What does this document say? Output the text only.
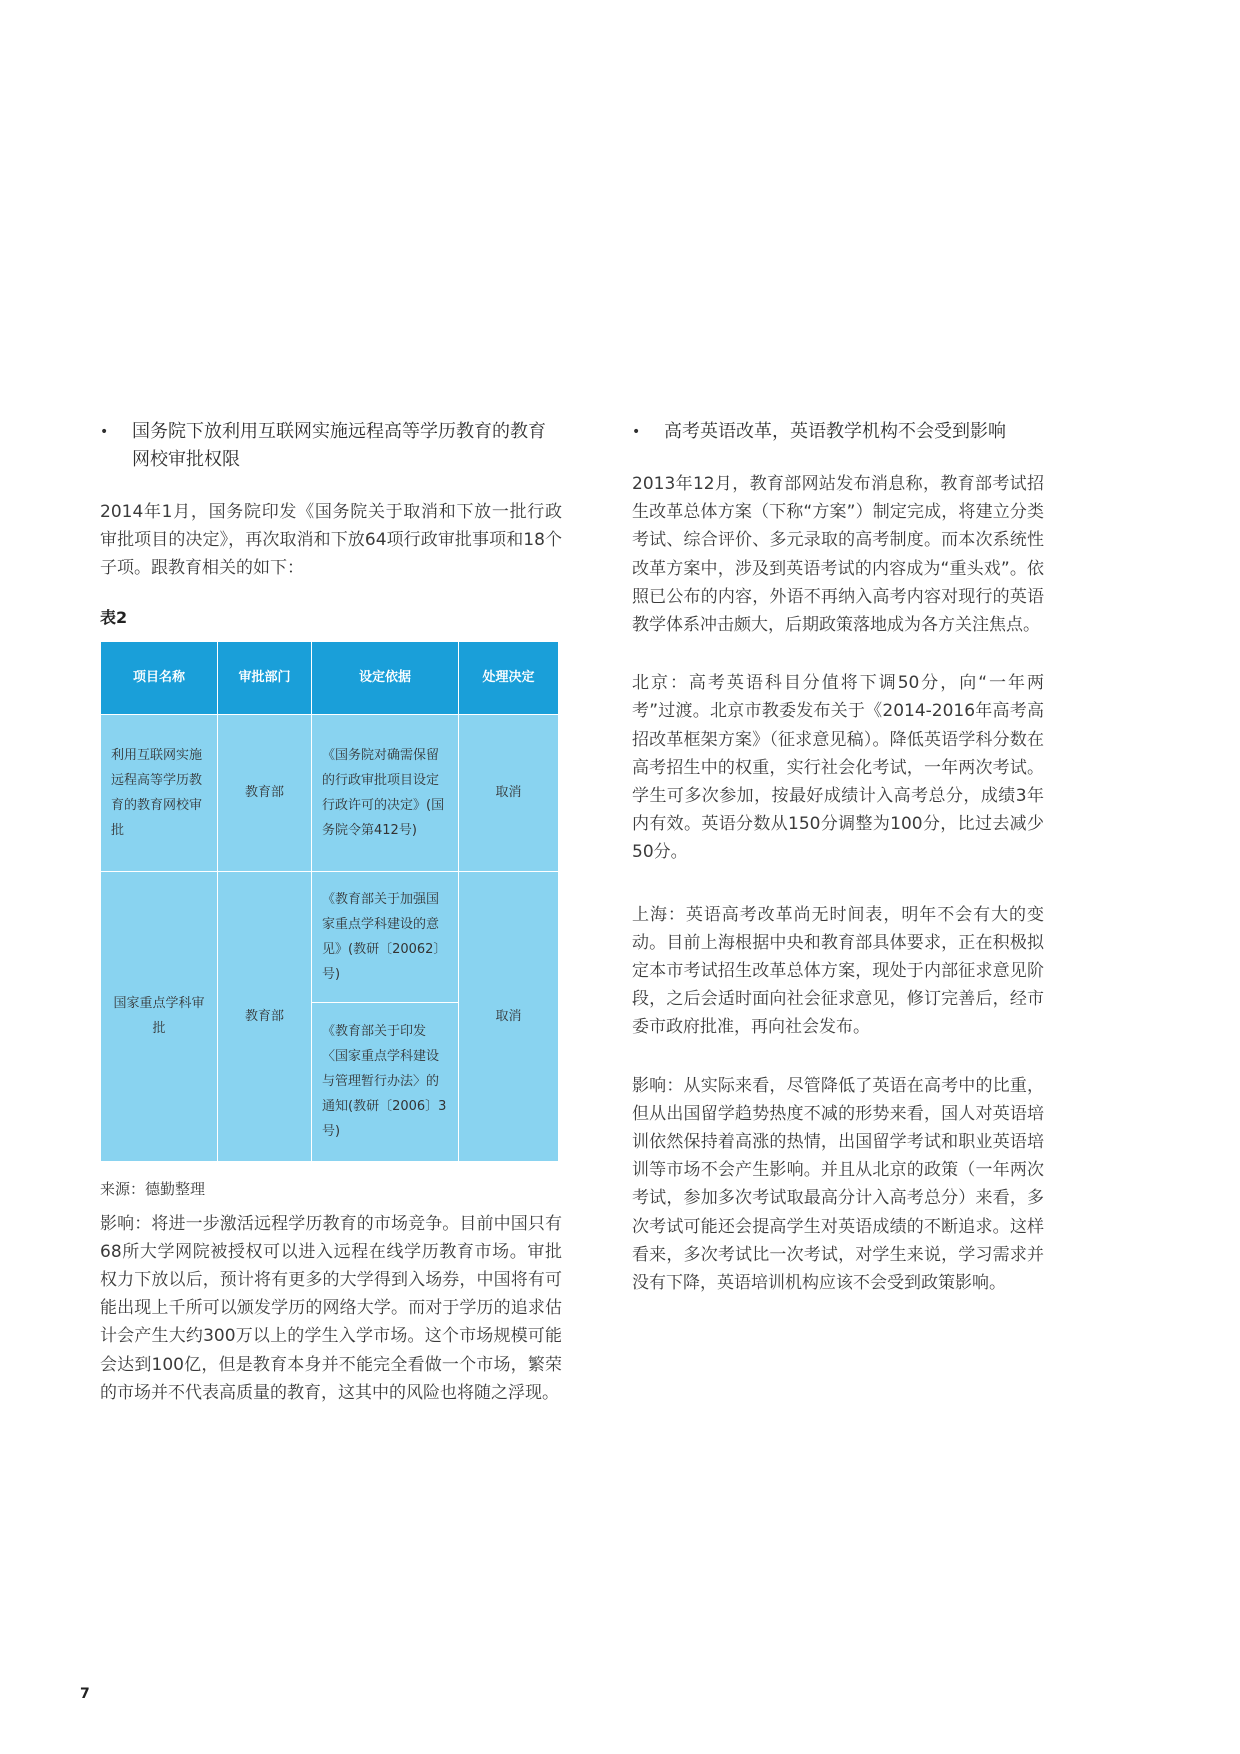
• 国务院下放利用互联网实施远程高等学历教育的教育网校审批权限

2014年1月，国务院印发《国务院关于取消和下放一批行政审批项目的决定》，再次取消和下放64项行政审批事项和18个子项。跟教育相关的如下：

表2

项目名称	审批部门	设定依据	处理决定
利用互联网实施远程高等学历教育的教育网校审批	教育部	《国务院对确需保留的行政审批项目设定行政许可的决定》(国务院令第412号)	取消
国家重点学科审批	教育部	《教育部关于加强国家重点学科建设的意见》(教研〔20062〕号)	取消
		《教育部关于印发〈国家重点学科建设与管理暂行办法〉的通知(教研〔2006〕3号)	

来源：德勤整理

影响：将进一步激活远程学历教育的市场竞争。目前中国只有68所大学网院被授权可以进入远程在线学历教育市场。审批权力下放以后，预计将有更多的大学得到入场券，中国将有可能出现上千所可以颁发学历的网络大学。而对于学历的追求估计会产生大约300万以上的学生入学市场。这个市场规模可能会达到100亿，但是教育本身并不能完全看做一个市场，繁荣的市场并不代表高质量的教育，这其中的风险也将随之浮现。

• 高考英语改革，英语教学机构不会受到影响

2013年12月，教育部网站发布消息称，教育部考试招生改革总体方案（下称“方案”）制定完成，将建立分类考试、综合评价、多元录取的高考制度。而本次系统性改革方案中，涉及到英语考试的内容成为“重头戏”。依照已公布的内容，外语不再纳入高考内容对现行的英语教学体系冲击颇大，后期政策落地成为各方关注焦点。

北京：高考英语科目分值将下调50分，向“一年两考”过渡。北京市教委发布关于《2014-2016年高考高招改革框架方案》（征求意见稿）。降低英语学科分数在高考招生中的权重，实行社会化考试，一年两次考试。学生可多次参加，按最好成绩计入高考总分，成绩3年内有效。英语分数从150分调整为100分，比过去减少50分。

上海：英语高考改革尚无时间表，明年不会有大的变动。目前上海根据中央和教育部具体要求，正在积极拟定本市考试招生改革总体方案，现处于内部征求意见阶段，之后会适时面向社会征求意见，修订完善后，经市委市政府批准，再向社会发布。

影响：从实际来看，尽管降低了英语在高考中的比重，但从出国留学趋势热度不减的形势来看，国人对英语培训依然保持着高涨的热情，出国留学考试和职业英语培训等市场不会产生影响。并且从北京的政策（一年两次考试，参加多次考试取最高分计入高考总分）来看，多次考试可能还会提高学生对英语成绩的不断追求。这样看来，多次考试比一次考试，对学生来说，学习需求并没有下降，英语培训机构应该不会受到政策影响。

7
